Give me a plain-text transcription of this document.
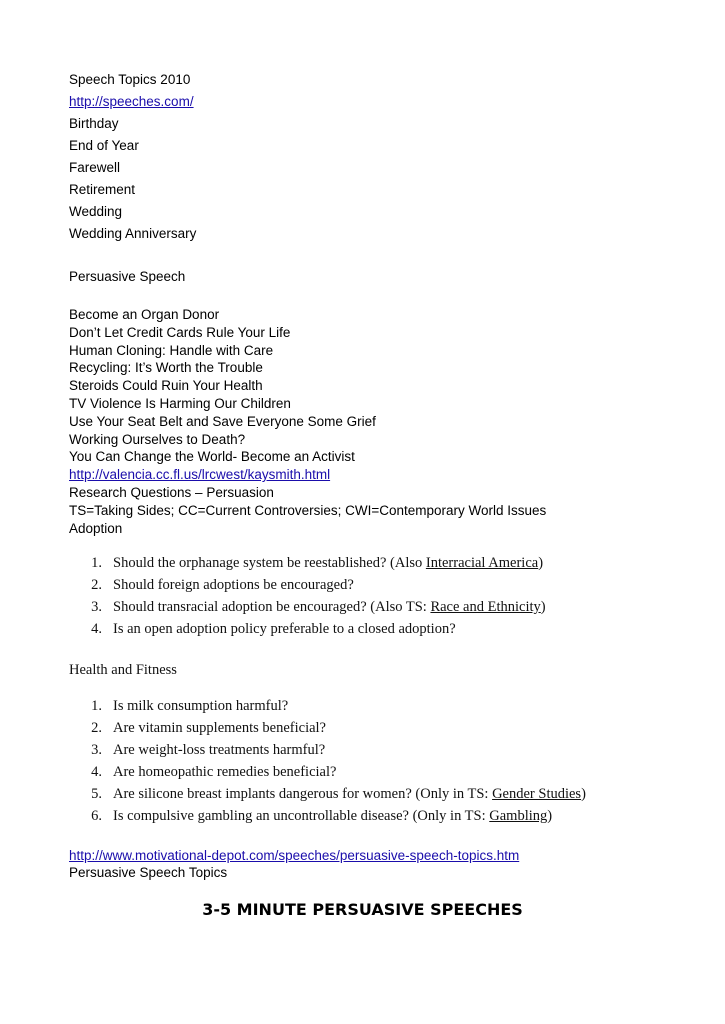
Speech Topics 2010
http://speeches.com/
Birthday
End of Year
Farewell
Retirement
Wedding
Wedding Anniversary
Persuasive Speech
Become an Organ Donor
Don’t Let Credit Cards Rule Your Life
Human Cloning: Handle with Care
Recycling: It’s Worth the Trouble
Steroids Could Ruin Your Health
TV Violence Is Harming Our Children
Use Your Seat Belt and Save Everyone Some Grief
Working Ourselves to Death?
You Can Change the World- Become an Activist
http://valencia.cc.fl.us/lrcwest/kaysmith.html
Research Questions – Persuasion
TS=Taking Sides; CC=Current Controversies; CWI=Contemporary World Issues
Adoption
1. Should the orphanage system be reestablished? (Also Interracial America)
2. Should foreign adoptions be encouraged?
3. Should transracial adoption be encouraged? (Also TS: Race and Ethnicity)
4. Is an open adoption policy preferable to a closed adoption?
Health and Fitness
1. Is milk consumption harmful?
2. Are vitamin supplements beneficial?
3. Are weight-loss treatments harmful?
4. Are homeopathic remedies beneficial?
5. Are silicone breast implants dangerous for women? (Only in TS: Gender Studies)
6. Is compulsive gambling an uncontrollable disease? (Only in TS: Gambling)
http://www.motivational-depot.com/speeches/persuasive-speech-topics.htm
Persuasive Speech Topics
3-5 MINUTE PERSUASIVE SPEECHES
